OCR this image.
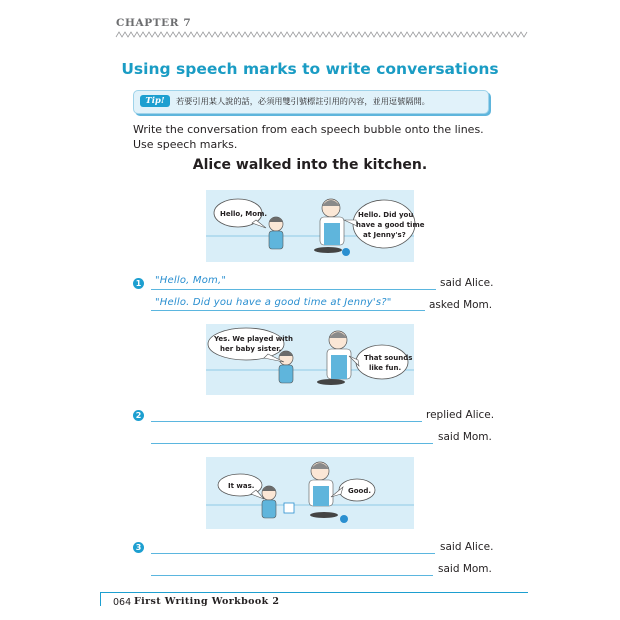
CHAPTER 7
Using speech marks to write conversations
Tip!	若要引用某人說的話，必須用雙引號標註引用的內容，並用逗號隔開。
Write the conversation from each speech bubble onto the lines. Use speech marks.
Alice walked into the kitchen.
Hello, Mom.	Hello. Did you
have a good time
at Jenny's?
1 "Hello, Mom,"	said Alice.
"Hello. Did you have a good time at Jenny's?"	asked Mom.
Yes. We played with
her baby sister.
That sounds
like fun.
2	replied Alice.
said Mom.
It was.
Good.
3	said Alice.
said Mom.
064 First Writing Workbook 2
